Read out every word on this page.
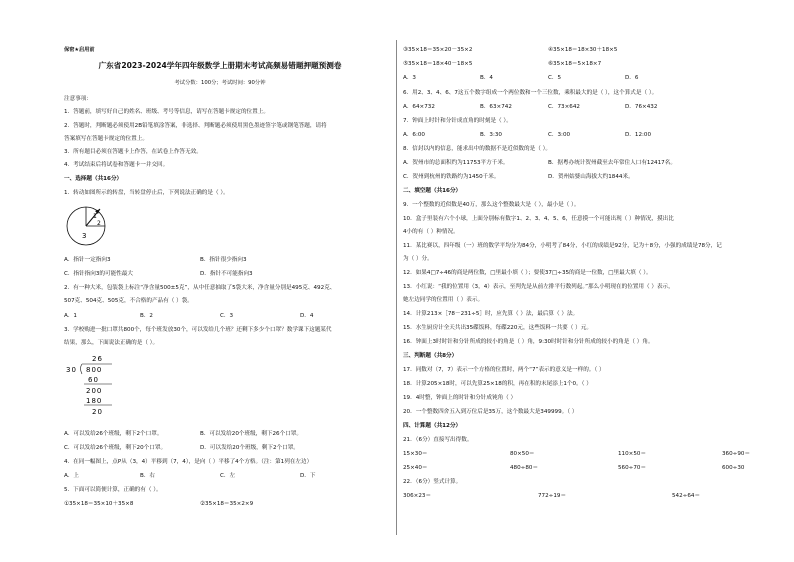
保密★启用前
广东省2023-2024学年四年级数学上册期末考试高频易错题押题预测卷
考试分数：100分；考试时间：90分钟
注意事项：
1．答题前，填写好自己的姓名、班级、考号等信息，请写在答题卡规定的位置上。
2．答题时，判断题必须使用2B铅笔填涂答案，非选择、判断题必须使用黑色墨迹签字笔或钢笔答题，请将
答案填写在答题卡规定的位置上。
3．所有题目必须在答题卡上作答，在试卷上作答无效。
4．考试结束后将试卷和答题卡一并交回。
一、选择题（共16分）
1．转动如图所示的转盘，当转盘停止后，下列说法正确的是（ ）。
1
2
3
A．指针一定指向3	B．指针很少指向3
C．指针指向3的可能性最大	D．指针不可能指向3
2．有一种大米，包装袋上标注“净含量500±5克”，从中任意抽取了5袋大米，净含量分别是495克、492克、
507克、504克、505克，不合格的产品有（ ）袋。
A．1	B．2	C．3	D．4
3．学校购进一批口罩共800个，每个班发放30个，可以发给几个班？还剩下多少个口罩？数学课下这题某代
结果，那么，下面说法正确的是（ ）。
26
30 800
60
200
180
20
A．可以发给26个班级，剩下2个口罩。	B．可以发给20个班级，剩下26个口罩。
C．可以发给26个班级，剩下20个口罩。	D．可以发给20个班级，剩下2个口罩。
4．在同一幅图上，点P从（3，4）平移到（7，4），是向（ ）平移了4个方格。（注：第1列在左边）
A．上	B．右	C．左	D．下
5．下面可以简便计算，正确的有（ ）。
①35×18＝35×10＋35×8	②35×18＝35×2×9
③35×18＝35×20－35×2	④35×18＝18×30＋18×5
⑤35×18＝18×40－18×5	⑥35×18＝5×18×7
A．3	B．4	C．5	D．6
6．用2、3、4、6、7这五个数字组成一个两位数和一个三位数，乘积最大的是（ ），这个算式是（ ）。
A．64×732	B．63×742	C．73×642	D．76×432
7．钟面上时针和分针成直角的时刻是（ ）。
A．6:00	B．3:30	C．3:00	D．12:00
8．信封以内的信息，能求出中的数据不是近似数的是（ ）。
A．贺州市的总面积约为11753平方千米。	B．据粤办统计贺州截至去年常住人口有12417名。
C．贺州到杭州的铁路约为1450千米。	D．贺州姑婆山海拔大约1844米。
二、填空题（共16分）
9．一个整数的近似数是40万，那么这个整数最大是（ ），最小是（ ）。
10．盒子里装有六个小球，上面分别标有数字1、2、3、4、5、6，任意摸一个可能出现（ ）种情况，摸出比
4小的有（ ）种情况。
11．某比赛以，四年级（一）班的数学平均分为84分，小明考了84分，小红的成绩是92分，记为＋8分，小强的成绩是78分，记
为（ ）分。
12．如果4□7÷46的商是两位数，□里最小填（ ）；要使37□÷35的商是一位数，□里最大填（ ）。
13．小红说：“我的位置用（3，4）表示，至判先是从前左排平行数列起。”那么小明现在的位置用（ ）表示，
她左边同学的位置用（ ）表示。
14．计算213×［78－231÷5］时，应先算（ ）法，最后算（ ）法。
15．水生厨房计全天共出35碟饭料，每碟220元，这些饭料一共要（ ）元。
16．钟面上3时时针和分针所成的较小的角是（ ）角，9:30时时针和分针所成的较小的角是（ ）角。
三、判断题（共8分）
17．同数对（7，7）表示一个方格的位置时，两个“7”表示的意义是一样的。（ ）
18．计算205×18时，可以先算25×18的积，再在积的末尾添上1个0。（ ）
19．4时整，钟面上的时针和分针成钝角（ ）
20．一个整数四舍五入到万位后是35万，这个数最大是349999。（ ）
四、计算题（共12分）
21．（6分）直接写出得数。
15×30＝	80×50＝	110×50＝	360÷90＝
25×40＝	480÷80＝	560÷70＝	600÷30
22．（6分）竖式计算。
306×23＝	772÷19＝	542÷64＝
